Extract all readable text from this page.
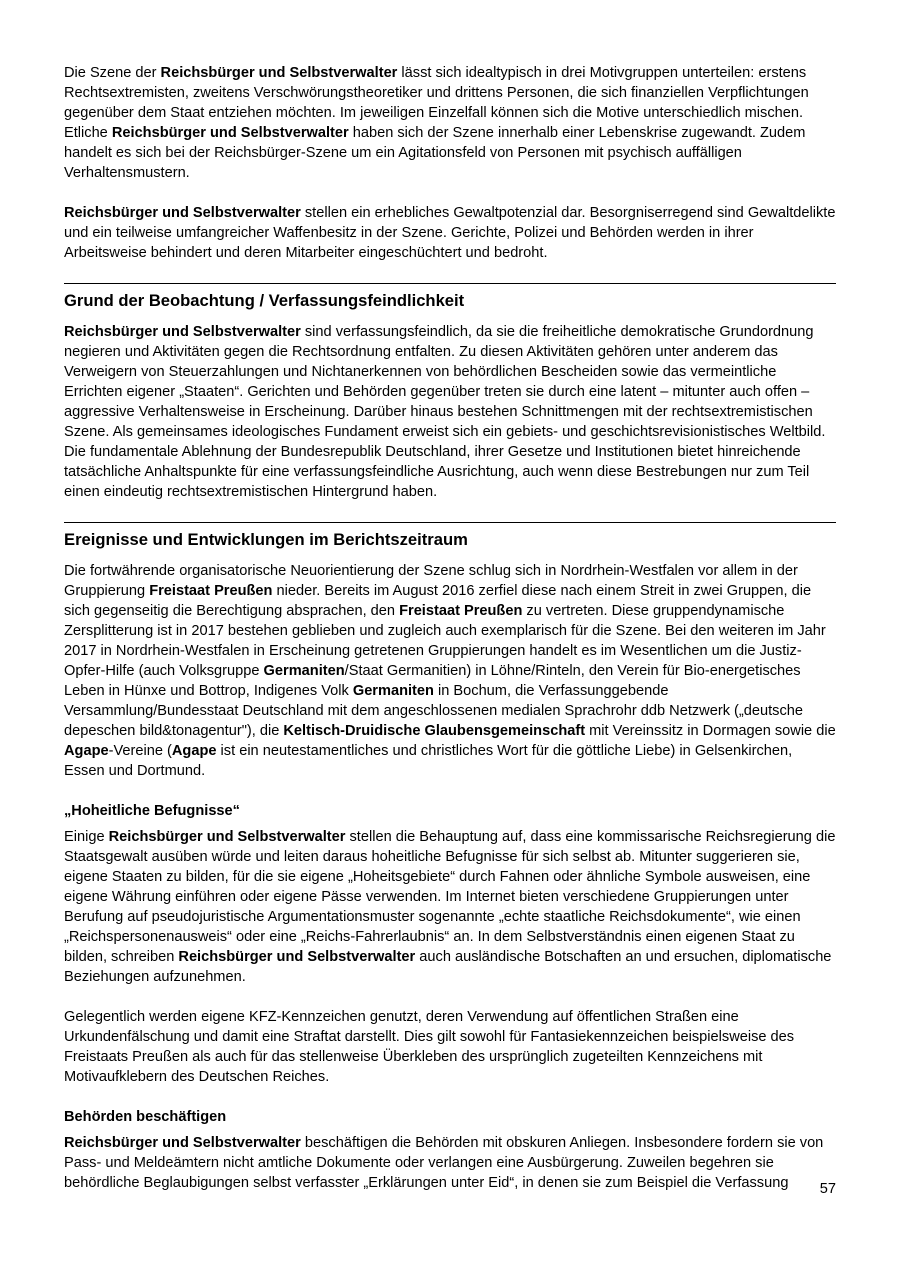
Die Szene der Reichsbürger und Selbstverwalter lässt sich idealtypisch in drei Motivgruppen unterteilen: erstens Rechtsextremisten, zweitens Verschwörungstheoretiker und drittens Personen, die sich finanziellen Verpflichtungen gegenüber dem Staat entziehen möchten. Im jeweiligen Einzelfall können sich die Motive unterschiedlich mischen. Etliche Reichsbürger und Selbstverwalter haben sich der Szene innerhalb einer Lebenskrise zugewandt. Zudem handelt es sich bei der Reichsbürger-Szene um ein Agitationsfeld von Personen mit psychisch auffälligen Verhaltensmustern.

Reichsbürger und Selbstverwalter stellen ein erhebliches Gewaltpotenzial dar. Besorgniserregend sind Gewaltdelikte und ein teilweise umfangreicher Waffenbesitz in der Szene. Gerichte, Polizei und Behörden werden in ihrer Arbeitsweise behindert und deren Mitarbeiter eingeschüchtert und bedroht.

Grund der Beobachtung / Verfassungsfeindlichkeit

Reichsbürger und Selbstverwalter sind verfassungsfeindlich, da sie die freiheitliche demokratische Grundordnung negieren und Aktivitäten gegen die Rechtsordnung entfalten. Zu diesen Aktivitäten gehören unter anderem das Verweigern von Steuerzahlungen und Nichtanerkennen von behördlichen Bescheiden sowie das vermeintliche Errichten eigener „Staaten“. Gerichten und Behörden gegenüber treten sie durch eine latent – mitunter auch offen – aggressive Verhaltensweise in Erscheinung. Darüber hinaus bestehen Schnittmengen mit der rechtsextremistischen Szene. Als gemeinsames ideologisches Fundament erweist sich ein gebiets- und geschichtsrevisionistisches Weltbild. Die fundamentale Ablehnung der Bundesrepublik Deutschland, ihrer Gesetze und Institutionen bietet hinreichende tatsächliche Anhaltspunkte für eine verfassungsfeindliche Ausrichtung, auch wenn diese Bestrebungen nur zum Teil einen eindeutig rechtsextremistischen Hintergrund haben.

Ereignisse und Entwicklungen im Berichtszeitraum

Die fortwährende organisatorische Neuorientierung der Szene schlug sich in Nordrhein-Westfalen vor allem in der Gruppierung Freistaat Preußen nieder. Bereits im August 2016 zerfiel diese nach einem Streit in zwei Gruppen, die sich gegenseitig die Berechtigung absprachen, den Freistaat Preußen zu vertreten. Diese gruppendynamische Zersplitterung ist in 2017 bestehen geblieben und zugleich auch exemplarisch für die Szene. Bei den weiteren im Jahr 2017 in Nordrhein-Westfalen in Erscheinung getretenen Gruppierungen handelt es im Wesentlichen um die Justiz-Opfer-Hilfe (auch Volksgruppe Germaniten/Staat Germanitien) in Löhne/Rinteln, den Verein für Bio-energetisches Leben in Hünxe und Bottrop, Indigenes Volk Germaniten in Bochum, die Verfassunggebende Versammlung/Bundesstaat Deutschland mit dem angeschlossenen medialen Sprachrohr ddb Netzwerk („deutsche depeschen bild&tonagentur"), die Keltisch-Druidische Glaubensgemeinschaft mit Vereinssitz in Dormagen sowie die Agape-Vereine (Agape ist ein neutestamentliches und christliches Wort für die göttliche Liebe) in Gelsenkirchen, Essen und Dortmund.

„Hoheitliche Befugnisse“

Einige Reichsbürger und Selbstverwalter stellen die Behauptung auf, dass eine kommissarische Reichsregierung die Staatsgewalt ausüben würde und leiten daraus hoheitliche Befugnisse für sich selbst ab. Mitunter suggerieren sie, eigene Staaten zu bilden, für die sie eigene „Hoheitsgebiete“ durch Fahnen oder ähnliche Symbole ausweisen, eine eigene Währung einführen oder eigene Pässe verwenden. Im Internet bieten verschiedene Gruppierungen unter Berufung auf pseudojuristische Argumentationsmuster sogenannte „echte staatliche Reichsdokumente“, wie einen „Reichspersonenausweis“ oder eine „Reichs-Fahrerlaubnis“ an. In dem Selbstverständnis einen eigenen Staat zu bilden, schreiben Reichsbürger und Selbstverwalter auch ausländische Botschaften an und ersuchen, diplomatische Beziehungen aufzunehmen.

Gelegentlich werden eigene KFZ-Kennzeichen genutzt, deren Verwendung auf öffentlichen Straßen eine Urkundenfälschung und damit eine Straftat darstellt. Dies gilt sowohl für Fantasiekennzeichen beispielsweise des Freistaats Preußen als auch für das stellenweise Überkleben des ursprünglich zugeteilten Kennzeichens mit Motivaufklebern des Deutschen Reiches.

Behörden beschäftigen

Reichsbürger und Selbstverwalter beschäftigen die Behörden mit obskuren Anliegen. Insbesondere fordern sie von Pass- und Meldeämtern nicht amtliche Dokumente oder verlangen eine Ausbürgerung. Zuweilen begehren sie behördliche Beglaubigungen selbst verfasster „Erklärungen unter Eid“, in denen sie zum Beispiel die Verfassung	57
